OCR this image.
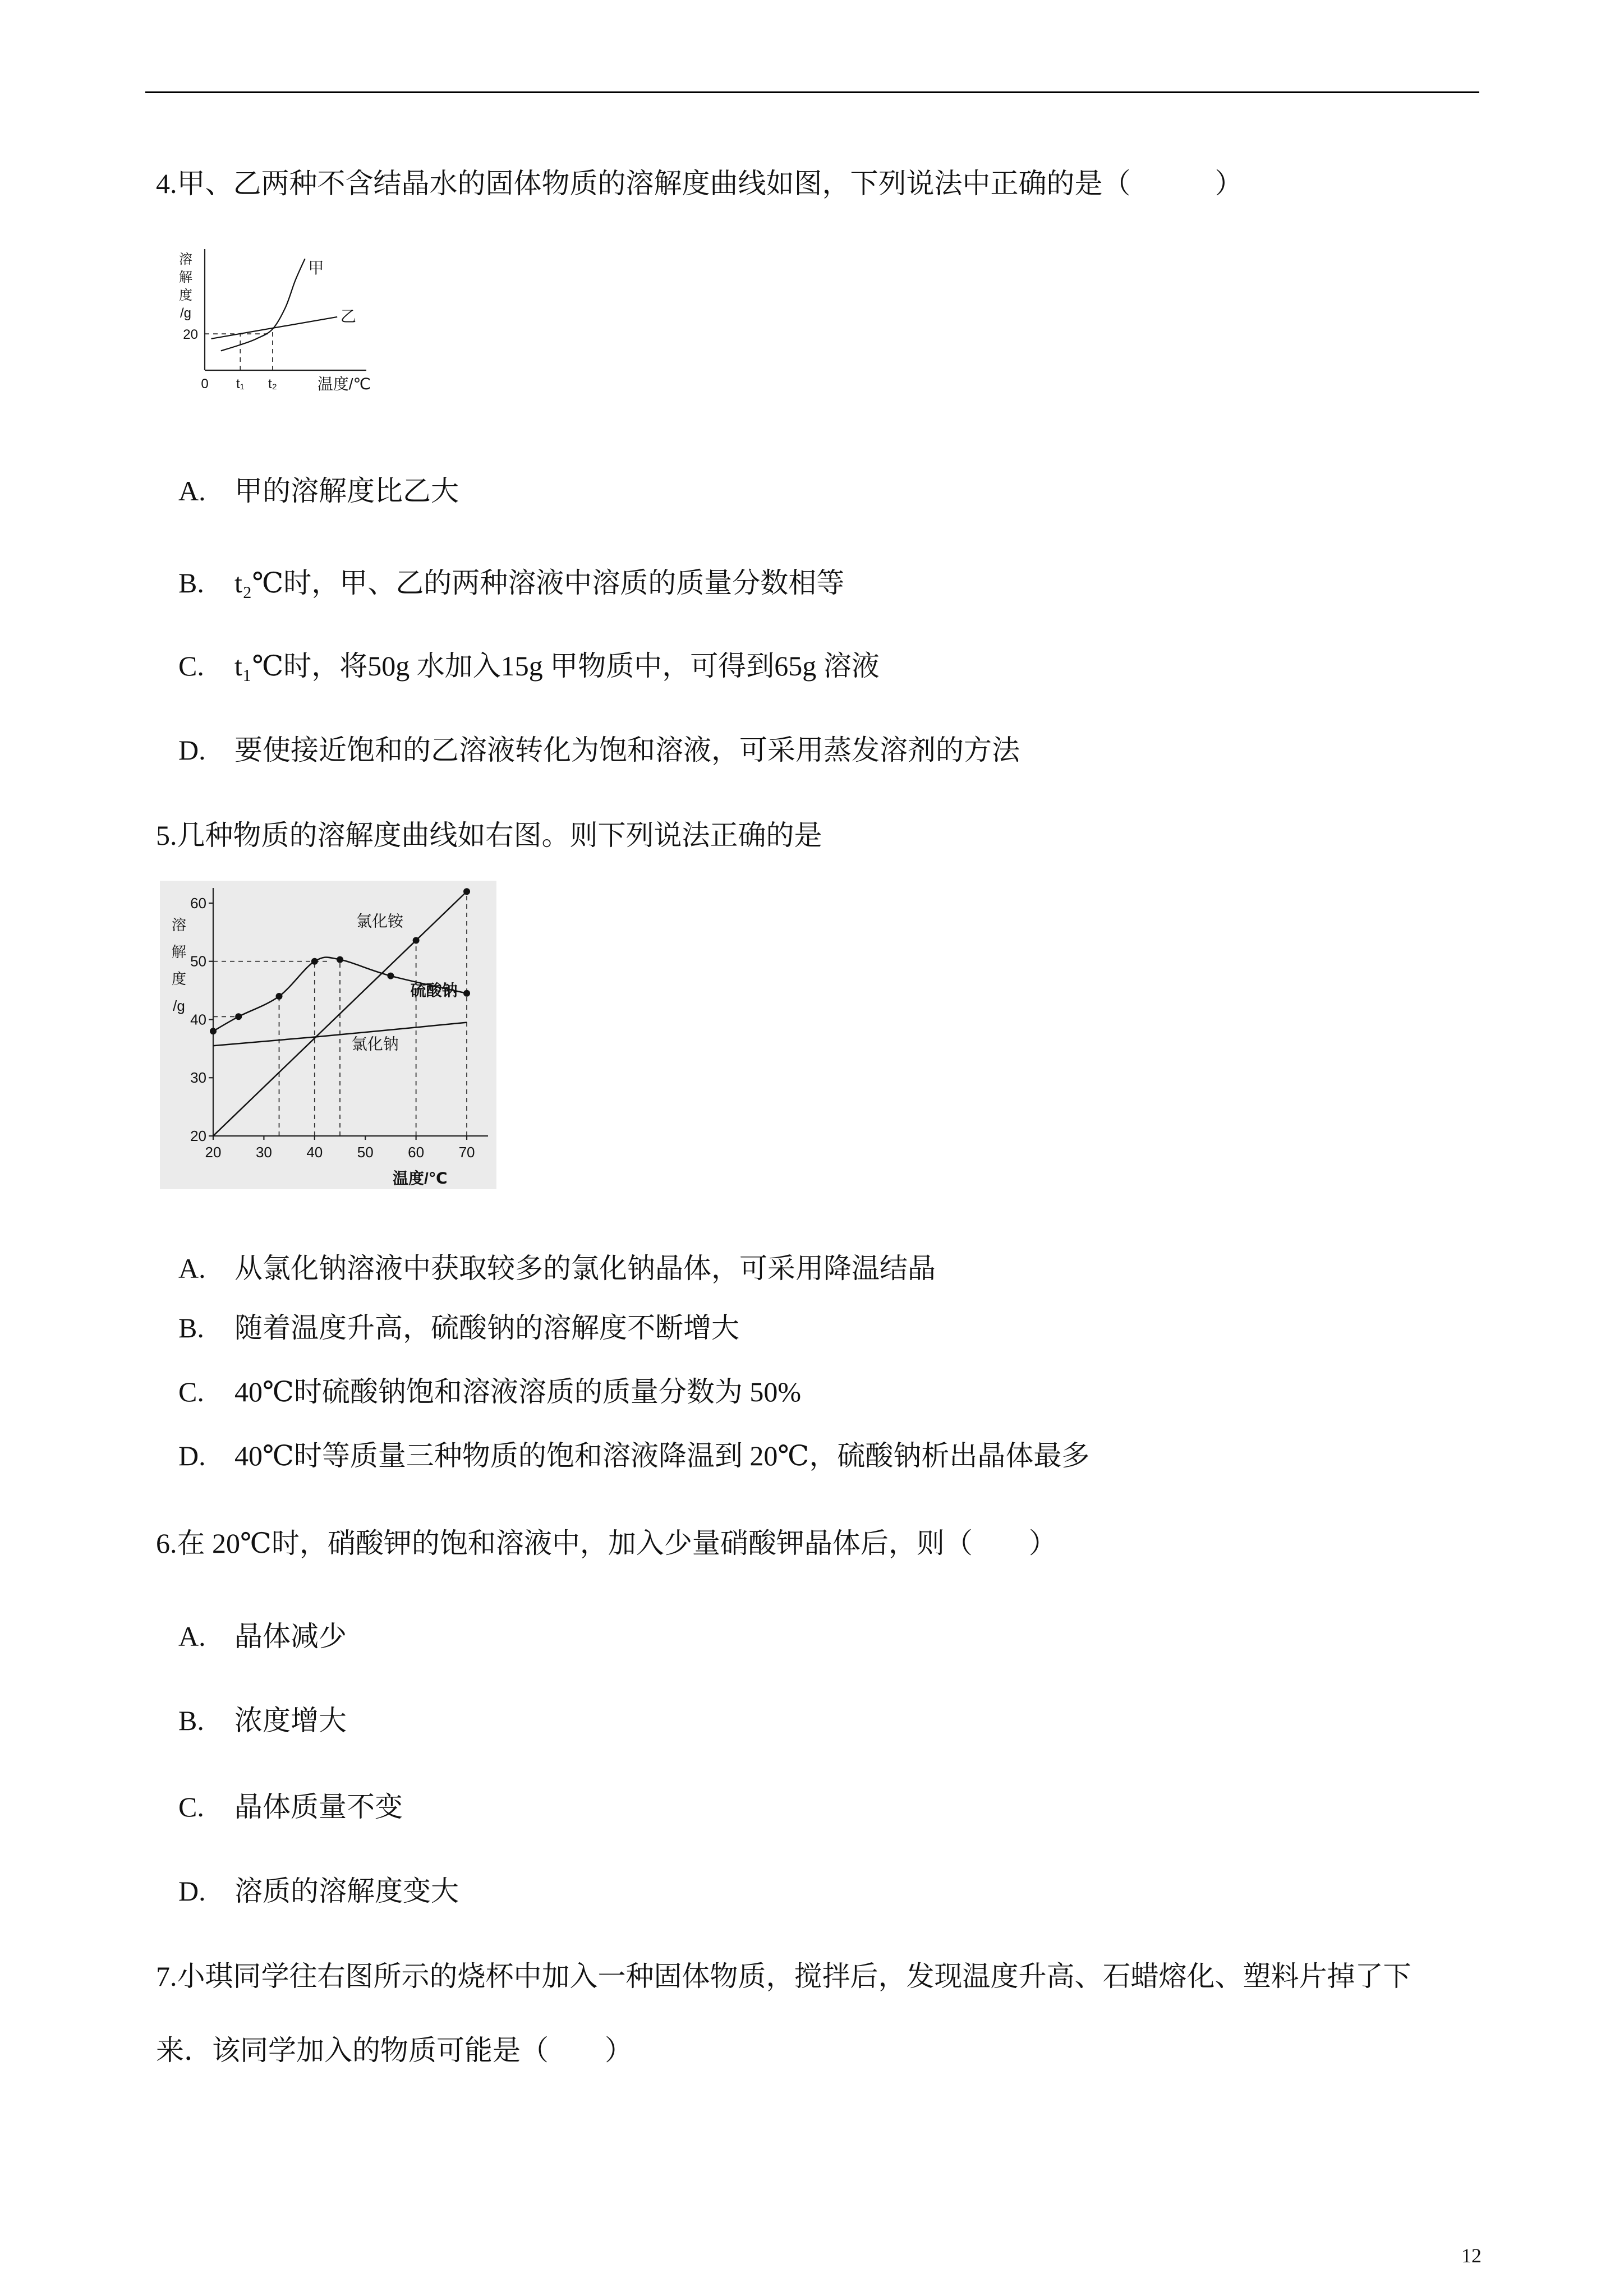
4.甲、乙两种不含结晶水的固体物质的溶解度曲线如图，下列说法中正确的是（　　　）
20
0 t₁ t₂
甲
乙
溶
解
度
/g
温度/℃
A.	甲的溶解度比乙大
B.	t₂℃时，甲、乙的两种溶液中溶质的质量分数相等
C.	t₁℃时，将50g 水加入15g 甲物质中，可得到65g 溶液
D.	要使接近饱和的乙溶液转化为饱和溶液，可采用蒸发溶剂的方法
5.几种物质的溶解度曲线如右图。则下列说法正确的是
60
50
40
30
20
20 30 40 50 60 70
氯化铵
硫酸钠
氯化钠
溶
解
度
/g
温度/℃
A.	从氯化钠溶液中获取较多的氯化钠晶体，可采用降温结晶
B.	随着温度升高，硫酸钠的溶解度不断增大
C.	40℃时硫酸钠饱和溶液溶质的质量分数为 50%
D.	40℃时等质量三种物质的饱和溶液降温到 20℃，硫酸钠析出晶体最多
6.在 20℃时，硝酸钾的饱和溶液中，加入少量硝酸钾晶体后，则（　　）
A.	晶体减少
B.	浓度增大
C.	晶体质量不变
D.	溶质的溶解度变大
7.小琪同学往右图所示的烧杯中加入一种固体物质，搅拌后，发现温度升高、石蜡熔化、塑料片掉了下
来．该同学加入的物质可能是（　　）
12
